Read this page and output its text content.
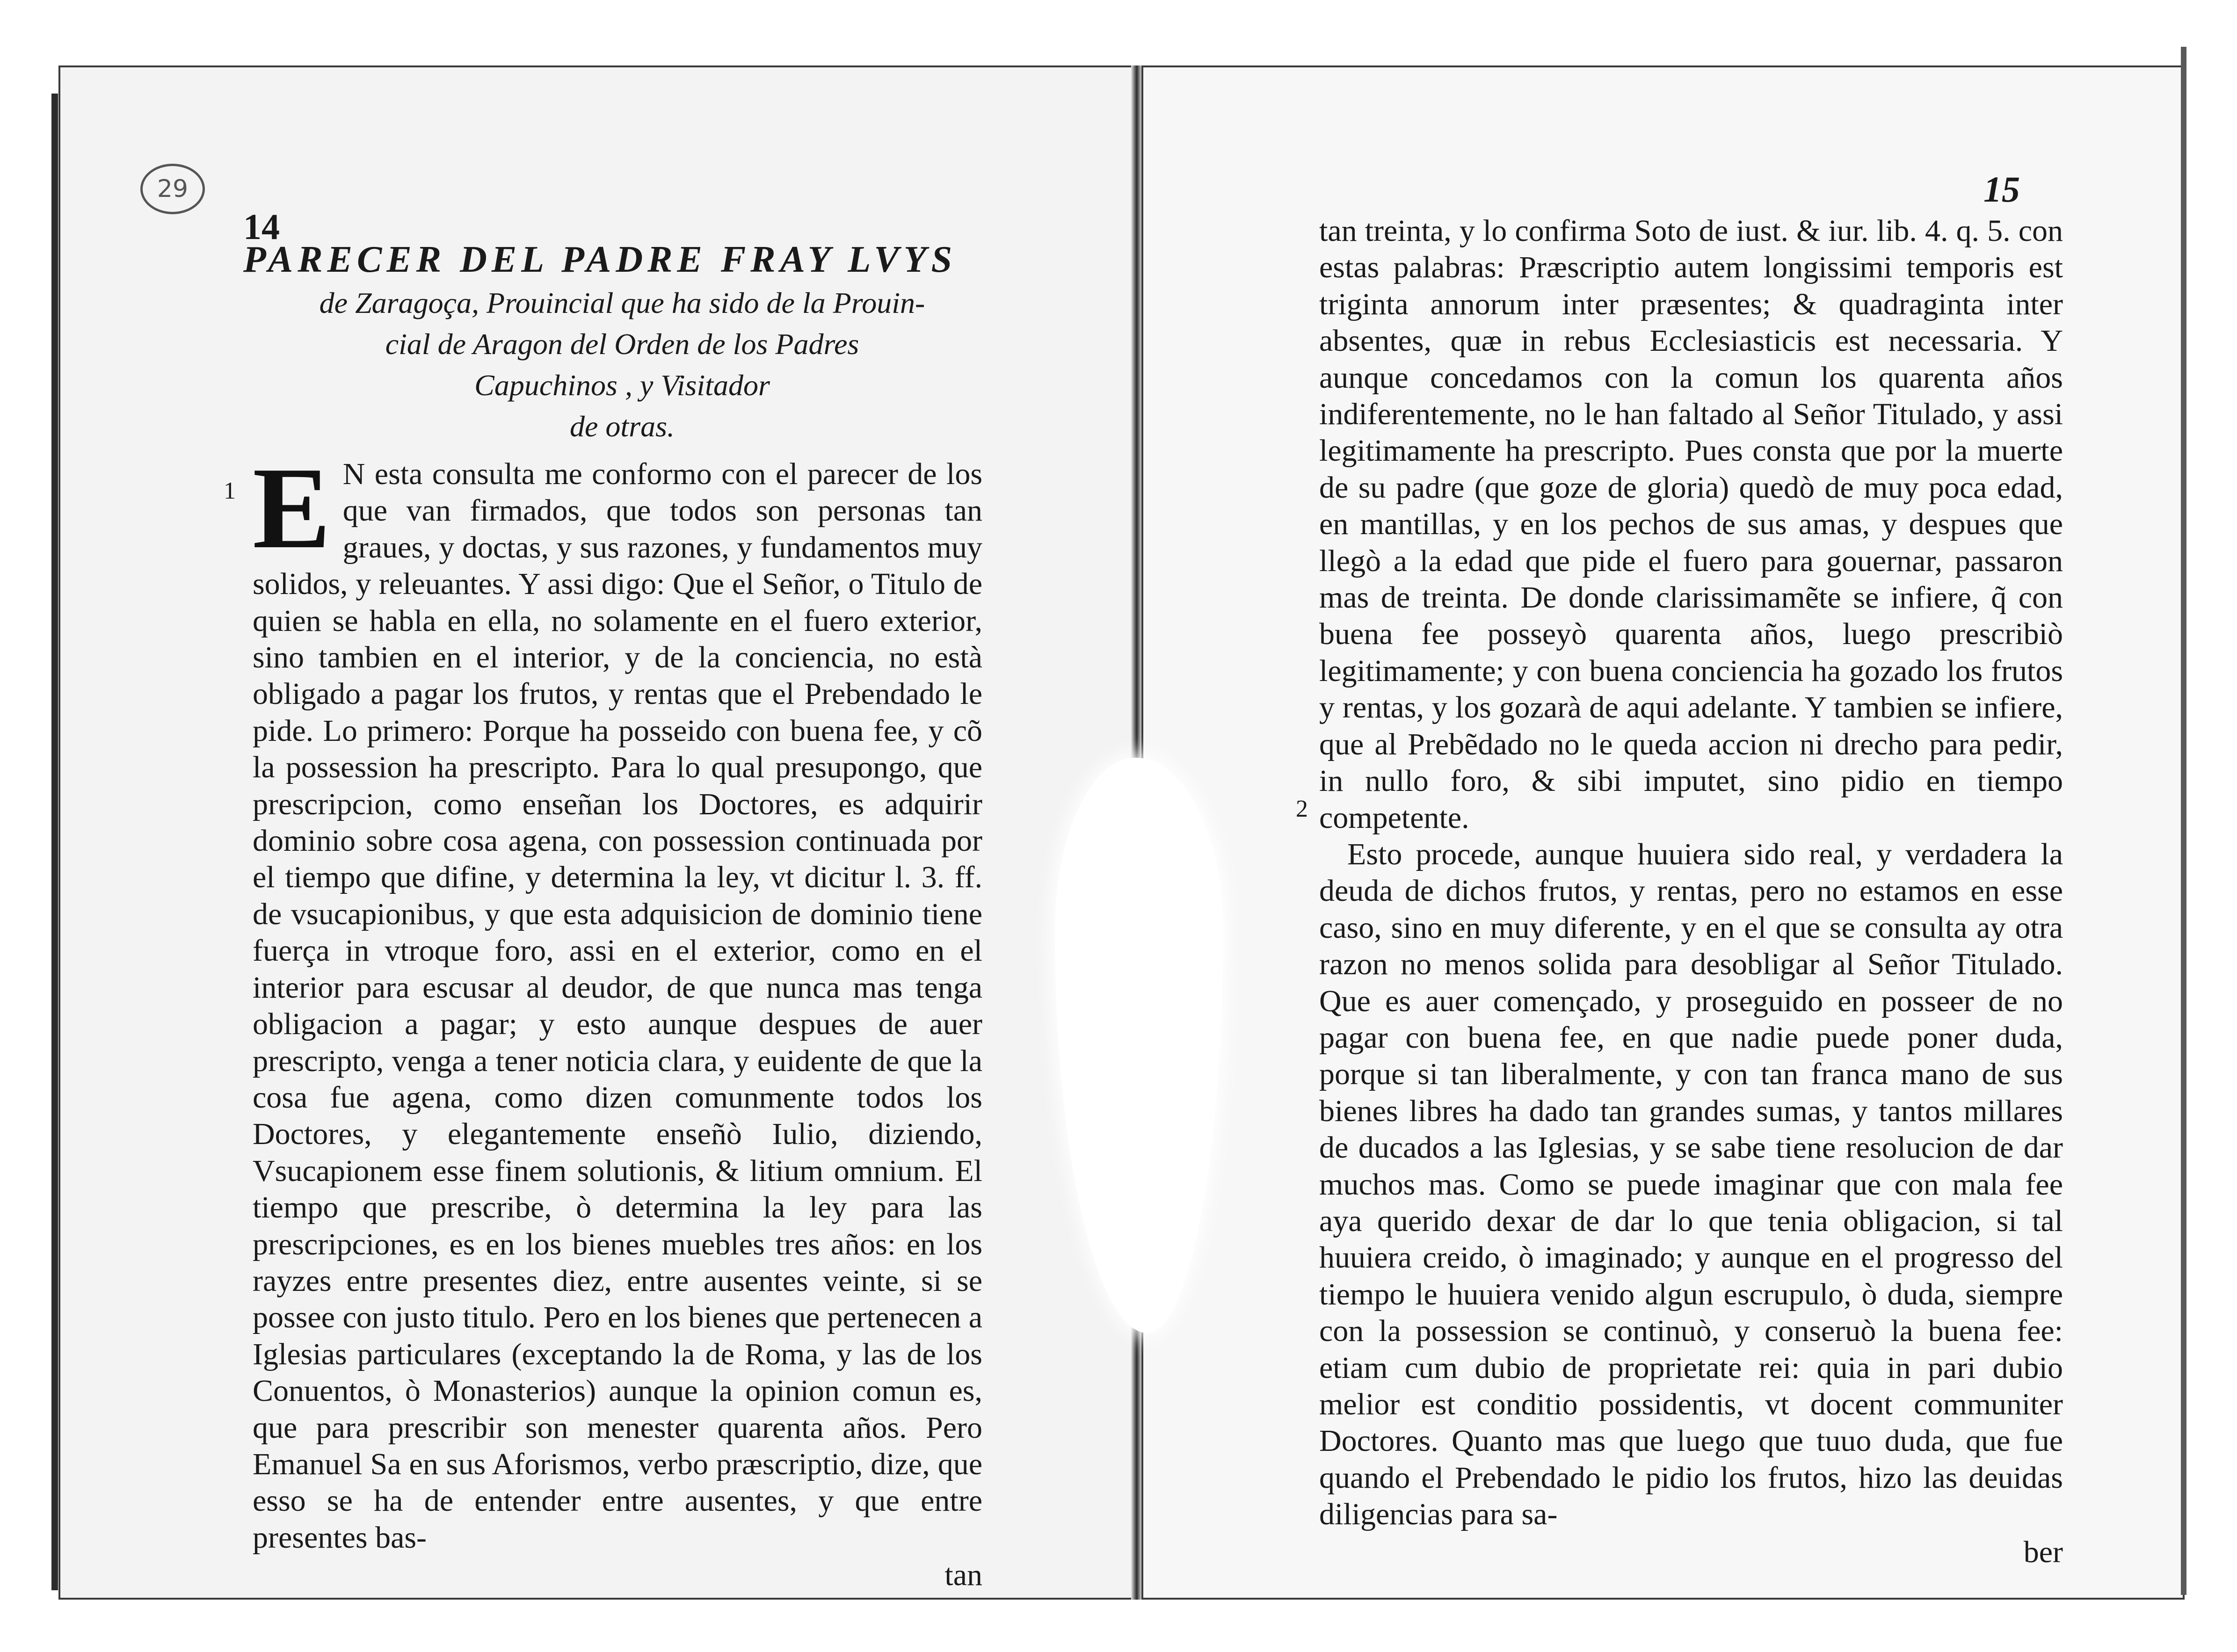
29
14

PARECER DEL PADRE FRAY LVYS

de Zaragoça, Prouincial que ha sido de la Prouin-

cial de Aragon del Orden de los Padres

Capuchinos , y Visitador

de otras.

1 E N esta consulta me conformo con el parecer de los que van firmados, que todos son personas tan graues, y doctas, y sus razones, y fundamentos muy solidos, y releuantes. Y assi digo: Que el Señor, o Titulo de quien se habla en ella, no solamente en el fuero exterior, sino tambien en el interior, y de la conciencia, no està obligado a pagar los frutos, y rentas que el Prebendado le pide. Lo primero: Porque ha posseido con buena fee, y cõ la possession ha prescripto. Para lo qual presupongo, que prescripcion, como enseñan los Doctores, es adquirir dominio sobre cosa agena, con possession continuada por el tiempo que difine, y determina la ley, vt dicitur l. 3. ff. de vsucapionibus, y que esta adquisicion de dominio tiene fuerça in vtroque foro, assi en el exterior, como en el interior para escusar al deudor, de que nunca mas tenga obligacion a pagar; y esto aunque despues de auer prescripto, venga a tener noticia clara, y euidente de que la cosa fue agena, como dizen comunmente todos los Doctores, y elegantemente enseñò Iulio, diziendo, Vsucapionem esse finem solutionis, & litium omnium. El tiempo que prescribe, ò determina la ley para las prescripciones, es en los bienes muebles tres años: en los rayzes entre presentes diez, entre ausentes veinte, si se possee con justo titulo. Pero en los bienes que pertenecen a Iglesias particulares (exceptando la de Roma, y las de los Conuentos, ò Monasterios) aunque la opinion comun es, que para prescribir son menester quarenta años. Pero Emanuel Sa en sus Aforismos, verbo præscriptio, dize, que esso se ha de entender entre ausentes, y que entre presentes bas-

tan
15
2

tan treinta, y lo confirma Soto de iust. & iur. lib. 4. q. 5. con estas palabras: Præscriptio autem longissimi temporis est triginta annorum inter præsentes; & quadraginta inter absentes, quæ in rebus Ecclesiasticis est necessaria. Y aunque concedamos con la comun los quarenta años indiferentemente, no le han faltado al Señor Titulado, y assi legitimamente ha prescripto. Pues consta que por la muerte de su padre (que goze de gloria) quedò de muy poca edad, en mantillas, y en los pechos de sus amas, y despues que llegò a la edad que pide el fuero para gouernar, passaron mas de treinta. De donde clarissimamẽte se infiere, q̃ con buena fee posseyò quarenta años, luego prescribiò legitimamente; y con buena conciencia ha gozado los frutos y rentas, y los gozarà de aqui adelante. Y tambien se infiere, que al Prebẽdado no le queda accion ni drecho para pedir, in nullo foro, & sibi imputet, sino pidio en tiempo competente.

Esto procede, aunque huuiera sido real, y verdadera la deuda de dichos frutos, y rentas, pero no estamos en esse caso, sino en muy diferente, y en el que se consulta ay otra razon no menos solida para desobligar al Señor Titulado. Que es auer començado, y proseguido en posseer de no pagar con buena fee, en que nadie puede poner duda, porque si tan liberalmente, y con tan franca mano de sus bienes libres ha dado tan grandes sumas, y tantos millares de ducados a las Iglesias, y se sabe tiene resolucion de dar muchos mas. Como se puede imaginar que con mala fee aya querido dexar de dar lo que tenia obligacion, si tal huuiera creido, ò imaginado; y aunque en el progresso del tiempo le huuiera venido algun escrupulo, ò duda, siempre con la possession se continuò, y conseruò la buena fee: etiam cum dubio de proprietate rei: quia in pari dubio melior est conditio possidentis, vt docent communiter Doctores. Quanto mas que luego que tuuo duda, que fue quando el Prebendado le pidio los frutos, hizo las deuidas diligencias para sa-

ber
